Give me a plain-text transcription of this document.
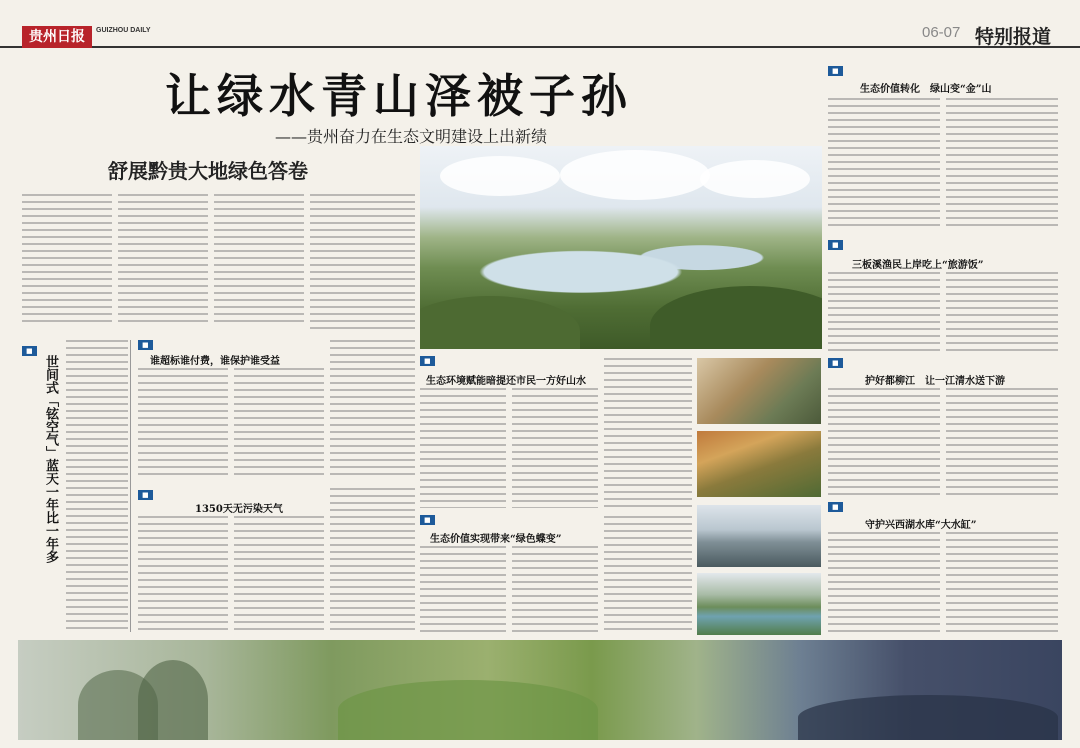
贵州日报	GUIZHOU DAILY	06-07 特别报道
让绿水青山泽被子孙
——贵州奋力在生态文明建设上出新绩
舒展黔贵大地绿色答卷
■
世间式「铉空气」蓝天一年比一年多
■
谁超标谁付费，谁保护谁受益
■
1350天无污染天气
■
生态环境赋能暗提还市民一方好山水
■
生态价值实现带来“绿色蝶变”
■
生态价值转化　绿山变“金”山
■
三板溪渔民上岸吃上“旅游饭”
■
护好都柳江　让一江清水送下游
■
守护兴西湖水库“大水缸”
